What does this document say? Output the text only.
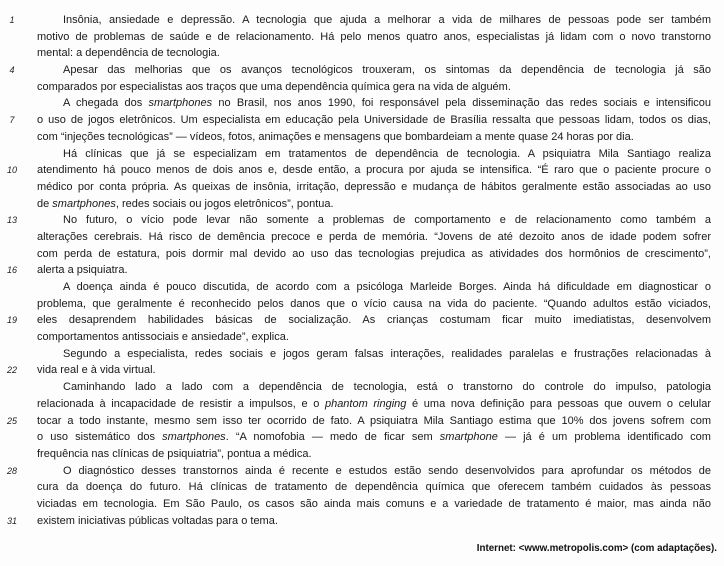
1	Insônia, ansiedade e depressão. A tecnologia que ajuda a melhorar a vida de milhares de pessoas pode ser também
motivo de problemas de saúde e de relacionamento. Há pelo menos quatro anos, especialistas já lidam com o novo transtorno
mental: a dependência de tecnologia.
4	Apesar das melhorias que os avanços tecnológicos trouxeram, os sintomas da dependência de tecnologia já são
comparados por especialistas aos traços que uma dependência química gera na vida de alguém.
A chegada dos smartphones no Brasil, nos anos 1990, foi responsável pela disseminação das redes sociais e intensificou
7	o uso de jogos eletrônicos. Um especialista em educação pela Universidade de Brasília ressalta que pessoas lidam, todos os dias,
com “injeções tecnológicas” — vídeos, fotos, animações e mensagens que bombardeiam a mente quase 24 horas por dia.
Há clínicas que já se especializam em tratamentos de dependência de tecnologia. A psiquiatra Mila Santiago realiza
10	atendimento há pouco menos de dois anos e, desde então, a procura por ajuda se intensifica. “É raro que o paciente procure o
médico por conta própria. As queixas de insônia, irritação, depressão e mudança de hábitos geralmente estão associadas ao uso
de smartphones, redes sociais ou jogos eletrônicos”, pontua.
13	No futuro, o vício pode levar não somente a problemas de comportamento e de relacionamento como também a
alterações cerebrais. Há risco de demência precoce e perda de memória. “Jovens de até dezoito anos de idade podem sofrer
com perda de estatura, pois dormir mal devido ao uso das tecnologias prejudica as atividades dos hormônios de crescimento”,
16	alerta a psiquiatra.
A doença ainda é pouco discutida, de acordo com a psicóloga Marleide Borges. Ainda há dificuldade em diagnosticar o
problema, que geralmente é reconhecido pelos danos que o vício causa na vida do paciente. “Quando adultos estão viciados,
19	eles desaprendem habilidades básicas de socialização. As crianças costumam ficar muito imediatistas, desenvolvem
comportamentos antissociais e ansiedade”, explica.
Segundo a especialista, redes sociais e jogos geram falsas interações, realidades paralelas e frustrações relacionadas à
22	vida real e à vida virtual.
Caminhando lado a lado com a dependência de tecnologia, está o transtorno do controle do impulso, patologia
relacionada à incapacidade de resistir a impulsos, e o phantom ringing é uma nova definição para pessoas que ouvem o celular
25	tocar a todo instante, mesmo sem isso ter ocorrido de fato. A psiquiatra Mila Santiago estima que 10% dos jovens sofrem com
o uso sistemático dos smartphones. “A nomofobia — medo de ficar sem smartphone — já é um problema identificado com
frequência nas clínicas de psiquiatria”, pontua a médica.
28	O diagnóstico desses transtornos ainda é recente e estudos estão sendo desenvolvidos para aprofundar os métodos de
cura da doença do futuro. Há clínicas de tratamento de dependência química que oferecem também cuidados às pessoas
viciadas em tecnologia. Em São Paulo, os casos são ainda mais comuns e a variedade de tratamento é maior, mas ainda não
31	existem iniciativas públicas voltadas para o tema.
Internet: <www.metropolis.com> (com adaptações).
